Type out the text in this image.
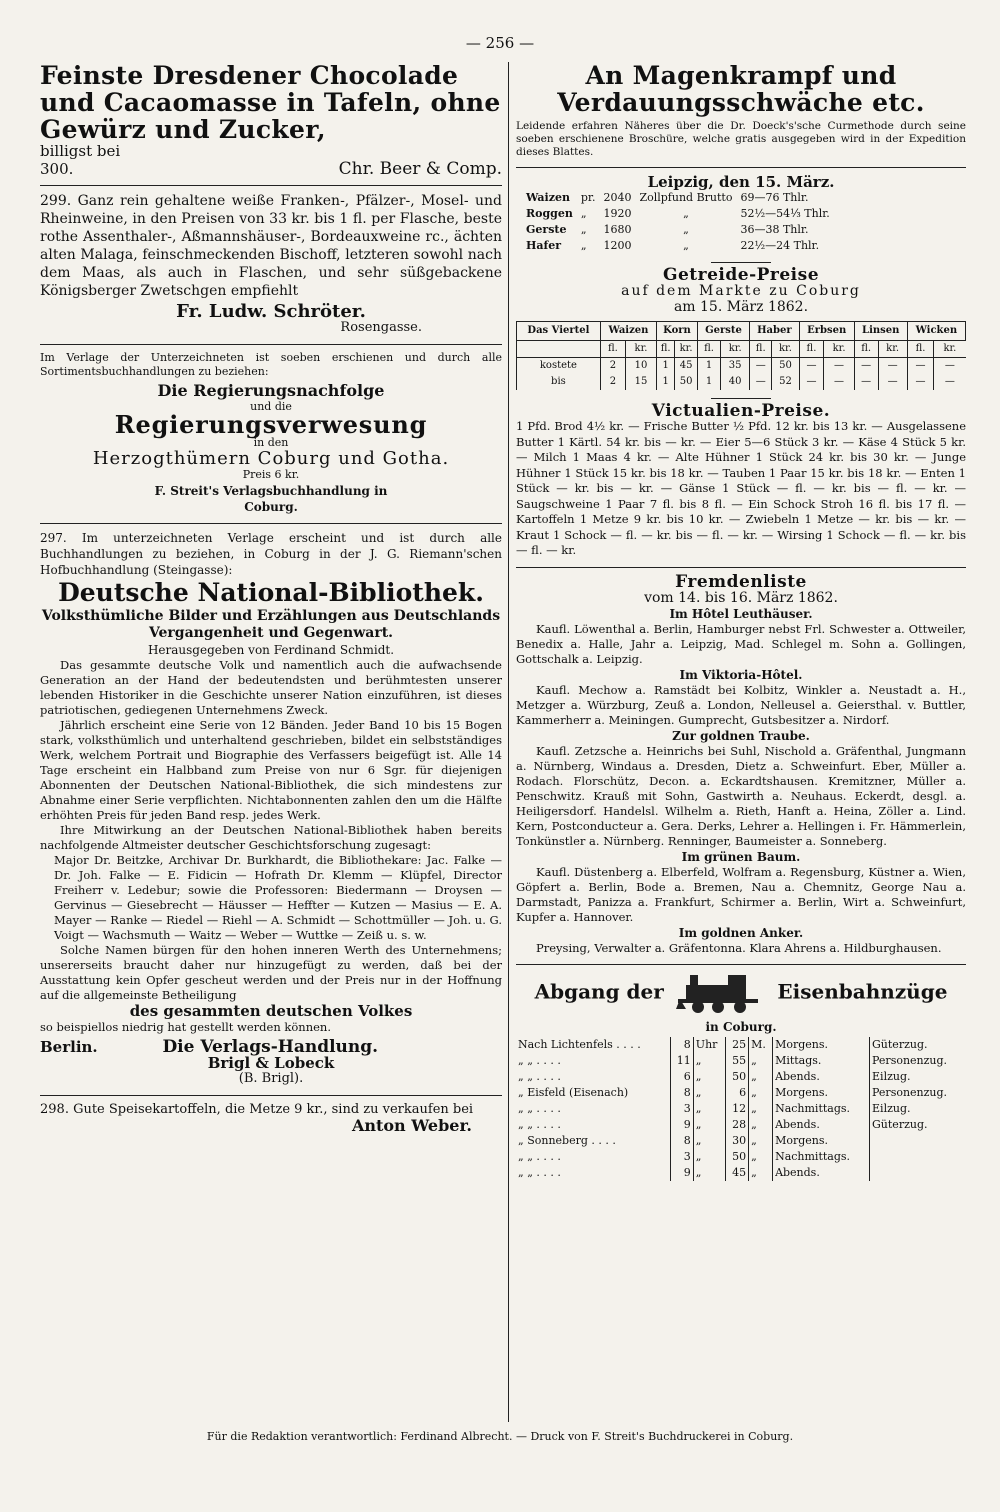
— 256 —

Feinste Dresdener Chocolade und Cacaomasse in Tafeln, ohne Gewürz und Zucker,

billigst bei

300.	Chr. Beer & Comp.

299. Ganz rein gehaltene weiße Franken-, Pfälzer-, Mosel- und Rheinweine, in den Preisen von 33 kr. bis 1 fl. per Flasche, beste rothe Assenthaler-, Aßmannshäuser-, Bordeauxweine rc., ächten alten Malaga, feinschmeckenden Bischoff, letzteren sowohl nach dem Maas, als auch in Flaschen, und sehr süßgebackene Königsberger Zwetschgen empfiehlt

Fr. Ludw. Schröter.

Rosengasse.

Im Verlage der Unterzeichneten ist soeben erschienen und durch alle Sortimentsbuchhandlungen zu beziehen:

Die Regierungsnachfolge

und die

Regierungsverwesung

in den

Herzogthümern Coburg und Gotha.

Preis 6 kr.

F. Streit's Verlagsbuchhandlung in Coburg.

297. Im unterzeichneten Verlage erscheint und ist durch alle Buchhandlungen zu beziehen, in Coburg in der J. G. Riemann'schen Hofbuchhandlung (Steingasse):

Deutsche National-Bibliothek.

Volksthümliche Bilder und Erzählungen aus Deutschlands Vergangenheit und Gegenwart.

Herausgegeben von Ferdinand Schmidt.

Das gesammte deutsche Volk und namentlich auch die aufwachsende Generation an der Hand der bedeutendsten und berühmtesten unserer lebenden Historiker in die Geschichte unserer Nation einzuführen, ist dieses patriotischen, gediegenen Unternehmens Zweck.

Jährlich erscheint eine Serie von 12 Bänden. Jeder Band 10 bis 15 Bogen stark, volksthümlich und unterhaltend geschrieben, bildet ein selbstständiges Werk, welchem Portrait und Biographie des Verfassers beigefügt ist. Alle 14 Tage erscheint ein Halbband zum Preise von nur 6 Sgr. für diejenigen Abonnenten der Deutschen National-Bibliothek, die sich mindestens zur Abnahme einer Serie verpflichten. Nichtabonnenten zahlen den um die Hälfte erhöhten Preis für jeden Band resp. jedes Werk.

Ihre Mitwirkung an der Deutschen National-Bibliothek haben bereits nachfolgende Altmeister deutscher Geschichtsforschung zugesagt:

Major Dr. Beitzke, Archivar Dr. Burkhardt, die Bibliothekare: Jac. Falke — Dr. Joh. Falke — E. Fidicin — Hofrath Dr. Klemm — Klüpfel, Director Freiherr v. Ledebur; sowie die Professoren: Biedermann — Droysen — Gervinus — Giesebrecht — Häusser — Heffter — Kutzen — Masius — E. A. Mayer — Ranke — Riedel — Riehl — A. Schmidt — Schottmüller — Joh. u. G. Voigt — Wachsmuth — Waitz — Weber — Wuttke — Zeiß u. s. w.

Solche Namen bürgen für den hohen inneren Werth des Unternehmens; unsererseits braucht daher nur hinzugefügt zu werden, daß bei der Ausstattung kein Opfer gescheut werden und der Preis nur in der Hoffnung auf die allgemeinste Betheiligung

des gesammten deutschen Volkes

so beispiellos niedrig hat gestellt werden können.

Berlin.	Die Verlags-Handlung.

Brigl & Lobeck

(B. Brigl).

298. Gute Speisekartoffeln, die Metze 9 kr., sind zu verkaufen bei

Anton Weber.

An Magenkrampf und Verdauungsschwäche etc.

Leidende erfahren Näheres über die Dr. Doeck's'sche Curmethode durch seine soeben erschienene Broschüre, welche gratis ausgegeben wird in der Expedition dieses Blattes.

Leipzig, den 15. März.

Waizen	pr.	2040	Zollpfund Brutto	69—76 Thlr.
Roggen	„	1920	„	52½—54⅓ Thlr.
Gerste	„	1680	„	36—38 Thlr.
Hafer	„	1200	„	22½—24 Thlr.

Getreide-Preise

auf dem Markte zu Coburg

am 15. März 1862.

Das Viertel	Waizen		Korn		Gerste		Haber		Erbsen		Linsen		Wicken	
	fl.	kr.	fl.	kr.	fl.	kr.	fl.	kr.	fl.	kr.	fl.	kr.	fl.	kr.
kostete	2	10	1	45	1	35	—	50	—	—	—	—	—	—
bis	2	15	1	50	1	40	—	52	—	—	—	—	—	—

Victualien-Preise.

1 Pfd. Brod 4½ kr. — Frische Butter ½ Pfd. 12 kr. bis 13 kr. — Ausgelassene Butter 1 Kärtl. 54 kr. bis — kr. — Eier 5—6 Stück 3 kr. — Käse 4 Stück 5 kr. — Milch 1 Maas 4 kr. — Alte Hühner 1 Stück 24 kr. bis 30 kr. — Junge Hühner 1 Stück 15 kr. bis 18 kr. — Tauben 1 Paar 15 kr. bis 18 kr. — Enten 1 Stück — kr. bis — kr. — Gänse 1 Stück — fl. — kr. bis — fl. — kr. — Saugschweine 1 Paar 7 fl. bis 8 fl. — Ein Schock Stroh 16 fl. bis 17 fl. — Kartoffeln 1 Metze 9 kr. bis 10 kr. — Zwiebeln 1 Metze — kr. bis — kr. — Kraut 1 Schock — fl. — kr. bis — fl. — kr. — Wirsing 1 Schock — fl. — kr. bis — fl. — kr.

Fremdenliste

vom 14. bis 16. März 1862.

Im Hôtel Leuthäuser.

Kaufl. Löwenthal a. Berlin, Hamburger nebst Frl. Schwester a. Ottweiler, Benedix a. Halle, Jahr a. Leipzig, Mad. Schlegel m. Sohn a. Gollingen, Gottschalk a. Leipzig.

Im Viktoria-Hôtel.

Kaufl. Mechow a. Ramstädt bei Kolbitz, Winkler a. Neustadt a. H., Metzger a. Würzburg, Zeuß a. London, Nelleusel a. Geiersthal. v. Buttler, Kammerherr a. Meiningen. Gumprecht, Gutsbesitzer a. Nirdorf.

Zur goldnen Traube.

Kaufl. Zetzsche a. Heinrichs bei Suhl, Nischold a. Gräfenthal, Jungmann a. Nürnberg, Windaus a. Dresden, Dietz a. Schweinfurt. Eber, Müller a. Rodach. Florschütz, Decon. a. Eckardtshausen. Kremitzner, Müller a. Penschwitz. Krauß mit Sohn, Gastwirth a. Neuhaus. Eckerdt, desgl. a. Heiligersdorf. Handelsl. Wilhelm a. Rieth, Hanft a. Heina, Zöller a. Lind. Kern, Postconducteur a. Gera. Derks, Lehrer a. Hellingen i. Fr. Hämmerlein, Tonkünstler a. Nürnberg. Renninger, Baumeister a. Sonneberg.

Im grünen Baum.

Kaufl. Düstenberg a. Elberfeld, Wolfram a. Regensburg, Küstner a. Wien, Göpfert a. Berlin, Bode a. Bremen, Nau a. Chemnitz, George Nau a. Darmstadt, Panizza a. Frankfurt, Schirmer a. Berlin, Wirt a. Schweinfurt, Kupfer a. Hannover.

Im goldnen Anker.

Preysing, Verwalter a. Gräfentonna. Klara Ahrens a. Hildburghausen.

Abgang der	Eisenbahnzüge

in Coburg.

Nach Lichtenfels . . . .	8	Uhr	25	M.	Morgens.	Güterzug.
„ „ . . . .	11	„	55	„	Mittags.	Personenzug.
„ „ . . . .	6	„	50	„	Abends.	Eilzug.
„ Eisfeld (Eisenach)	8	„	6	„	Morgens.	Personenzug.
„ „ . . . .	3	„	12	„	Nachmittags.	Eilzug.
„ „ . . . .	9	„	28	„	Abends.	Güterzug.
„ Sonneberg . . . .	8	„	30	„	Morgens.	
„ „ . . . .	3	„	50	„	Nachmittags.	
„ „ . . . .	9	„	45	„	Abends.	
Für die Redaktion verantwortlich: Ferdinand Albrecht. — Druck von F. Streit's Buchdruckerei in Coburg.
